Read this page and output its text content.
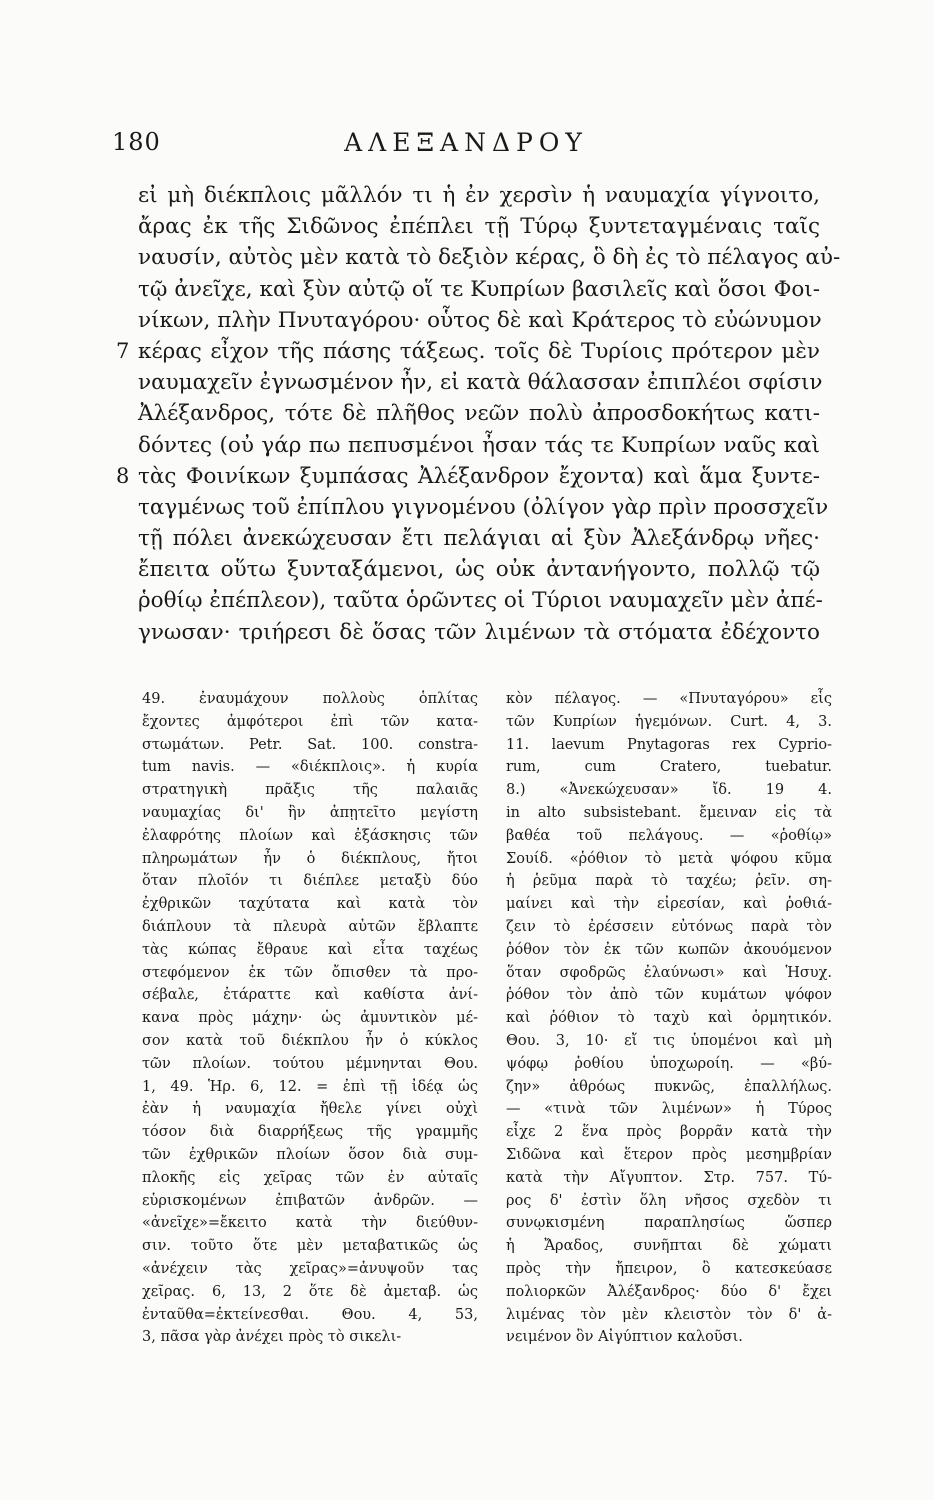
180	ΑΛΕΞΑΝΔΡΟΥ
εἰ μὴ διέκπλοις μᾶλλόν τι ἡ ἐν χερσὶν ἡ ναυμαχία γίγνοιτο,
ἄρας ἐκ τῆς Σιδῶνος ἐπέπλει τῇ Τύρῳ ξυντεταγμέναις ταῖς
ναυσίν, αὐτὸς μὲν κατὰ τὸ δεξιὸν κέρας, ὃ δὴ ἐς τὸ πέλαγος αὐ-
τῷ ἀνεῖχε, καὶ ξὺν αὐτῷ οἵ τε Κυπρίων βασιλεῖς καὶ ὅσοι Φοι-
νίκων, πλὴν Πνυταγόρου· οὗτος δὲ καὶ Κράτερος τὸ εὐώνυμον
7 κέρας εἶχον τῆς πάσης τάξεως. τοῖς δὲ Τυρίοις πρότερον μὲν
ναυμαχεῖν ἐγνωσμένον ἦν, εἰ κατὰ θάλασσαν ἐπιπλέοι σφίσιν
Ἀλέξανδρος, τότε δὲ πλῆθος νεῶν πολὺ ἀπροσδοκήτως κατι-
δόντες (οὐ γάρ πω πεπυσμένοι ἦσαν τάς τε Κυπρίων ναῦς καὶ
8 τὰς Φοινίκων ξυμπάσας Ἀλέξανδρον ἔχοντα) καὶ ἅμα ξυντε-
ταγμένως τοῦ ἐπίπλου γιγνομένου (ὀλίγον γὰρ πρὶν προσσχεῖν
τῇ πόλει ἀνεκώχευσαν ἔτι πελάγιαι αἱ ξὺν Ἀλεξάνδρῳ νῆες·
ἔπειτα οὕτω ξυνταξάμενοι, ὡς οὐκ ἀντανήγοντο, πολλῷ τῷ
ῥοθίῳ ἐπέπλεον), ταῦτα ὁρῶντες οἱ Τύριοι ναυμαχεῖν μὲν ἀπέ-
γνωσαν· τριήρεσι δὲ ὅσας τῶν λιμένων τὰ στόματα ἐδέχοντο
49. ἐναυμάχουν πολλοὺς ὁπλίτας
ἔχοντες ἀμφότεροι ἐπὶ τῶν κατα-
στωμάτων. Petr. Sat. 100. constra-
tum navis. — «διέκπλοις». ἡ κυρία
στρατηγικὴ πρᾶξις τῆς παλαιᾶς
ναυμαχίας δι' ἣν ἀπῃτεῖτο μεγίστη
ἐλαφρότης πλοίων καὶ ἐξάσκησις τῶν
πληρωμάτων ἦν ὁ διέκπλους, ἤτοι
ὅταν πλοῖόν τι διέπλεε μεταξὺ δύο
ἐχθρικῶν ταχύτατα καὶ κατὰ τὸν
διάπλουν τὰ πλευρὰ αὐτῶν ἔβλαπτε
τὰς κώπας ἔθραυε καὶ εἶτα ταχέως
στεφόμενον ἐκ τῶν ὄπισθεν τὰ προ-
σέβαλε, ἐτάραττε καὶ καθίστα ἀνί-
κανα πρὸς μάχην· ὡς ἀμυντικὸν μέ-
σον κατὰ τοῦ διέκπλου ἦν ὁ κύκλος
τῶν πλοίων. τούτου μέμνηνται Θου.
1, 49. Ἡρ. 6, 12. = ἐπὶ τῇ ἰδέᾳ ὡς
ἐὰν ἡ ναυμαχία ἤθελε γίνει οὐχὶ
τόσον διὰ διαρρήξεως τῆς γραμμῆς
τῶν ἐχθρικῶν πλοίων ὅσον διὰ συμ-
πλοκῆς εἰς χεῖρας τῶν ἐν αὐταῖς
εὑρισκομένων ἐπιβατῶν ἀνδρῶν. —
«ἀνεῖχε»=ἔκειτο κατὰ τὴν διεύθυν-
σιν. τοῦτο ὅτε μὲν μεταβατικῶς ὡς
«ἀνέχειν τὰς χεῖρας»=ἀνυψοῦν τας
χεῖρας. 6, 13, 2 ὅτε δὲ ἀμεταβ. ὡς
ἐνταῦθα=ἐκτείνεσθαι. Θου. 4, 53,
3, πᾶσα γὰρ ἀνέχει πρὸς τὸ σικελι-
κὸν πέλαγος. — «Πνυταγόρου» εἷς
τῶν Κυπρίων ἡγεμόνων. Curt. 4, 3.
11. laevum Pnytagoras rex Cyprio-
rum, cum Cratero, tuebatur.
8.) «Ἀνεκώχευσαν» ἴδ. 19 4.
in alto subsistebant. ἔμειναν εἰς τὰ
βαθέα τοῦ πελάγους. — «ῥοθίῳ»
Σουίδ. «ῥόθιον τὸ μετὰ ψόφου κῦμα
ἡ ῥεῦμα παρὰ τὸ ταχέω; ῥεῖν. ση-
μαίνει καὶ τὴν εἰρεσίαν, καὶ ῥοθιά-
ζειν τὸ ἐρέσσειν εὐτόνως παρὰ τὸν
ῥόθον τὸν ἐκ τῶν κωπῶν ἀκουόμενον
ὅταν σφοδρῶς ἐλαύνωσι» καὶ Ἡσυχ.
ῥόθον τὸν ἀπὸ τῶν κυμάτων ψόφον
καὶ ῥόθιον τὸ ταχὺ καὶ ὁρμητικόν.
Θου. 3, 10· εἴ τις ὑπομένοι καὶ μὴ
ψόφῳ ῥοθίου ὑποχωροίη. — «βύ-
ζην» ἀθρόως πυκνῶς, ἐπαλλήλως.
— «τινὰ τῶν λιμένων» ἡ Τύρος
εἶχε 2 ἕνα πρὸς βορρᾶν κατὰ τὴν
Σιδῶνα καὶ ἕτερον πρὸς μεσημβρίαν
κατὰ τὴν Αἴγυπτον. Στρ. 757. Τύ-
ρος δ' ἐστὶν ὅλη νῆσος σχεδὸν τι
συνῳκισμένη παραπλησίως ὥσπερ
ἡ Ἄραδος, συνῆπται δὲ χώματι
πρὸς τὴν ἤπειρον, ὃ κατεσκεύασε
πολιορκῶν Ἀλέξανδρος· δύο δ' ἔχει
λιμένας τὸν μὲν κλειστὸν τὸν δ' ἀ-
νειμένον ὃν Αἰγύπτιον καλοῦσι.
